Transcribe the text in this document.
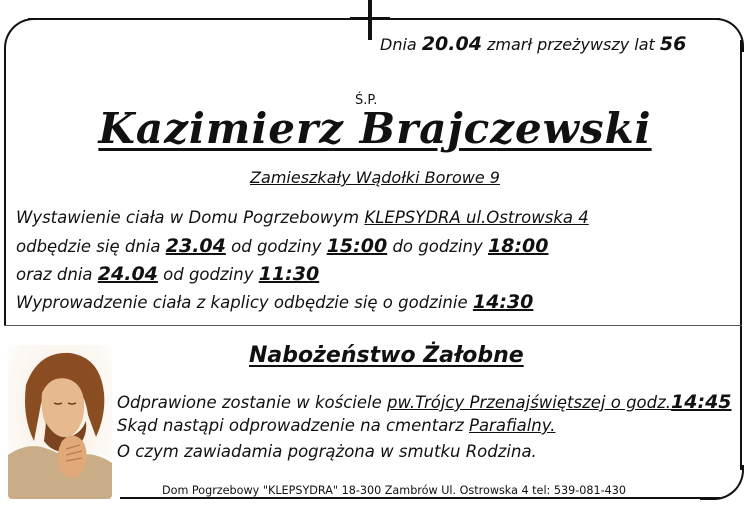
Dnia 20.04 zmarł przeżywszy lat 56
Ś.P.
Kazimierz Brajczewski
Zamieszkały Wądołki Borowe 9
Wystawienie ciała w Domu Pogrzebowym KLEPSYDRA ul.Ostrowska 4
odbędzie się dnia 23.04 od godziny 15:00 do godziny 18:00
oraz dnia 24.04 od godziny 11:30
Wyprowadzenie ciała z kaplicy odbędzie się o godzinie 14:30
Nabożeństwo Żałobne
Odprawione zostanie w kościele pw.Trójcy Przenajświętszej o godz.14:45
Skąd nastąpi odprowadzenie na cmentarz Parafialny.
O czym zawiadamia pogrążona w smutku Rodzina.
Dom Pogrzebowy "KLEPSYDRA" 18-300 Zambrów Ul. Ostrowska 4 tel: 539-081-430
